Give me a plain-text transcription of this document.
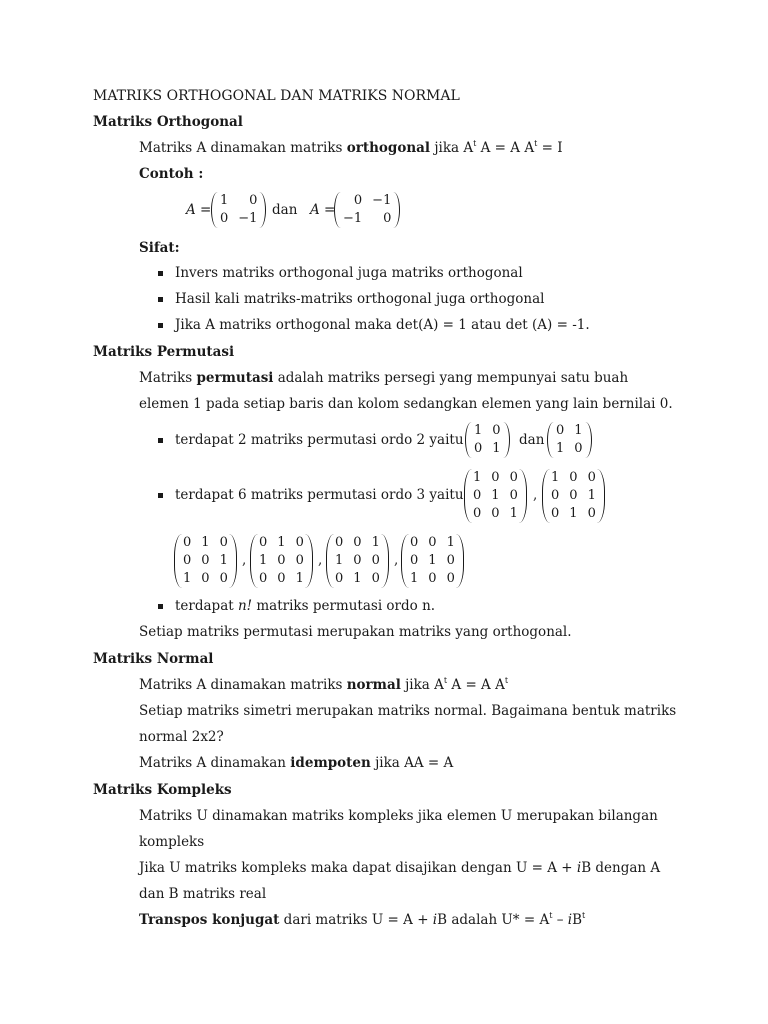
MATRIKS ORTHOGONAL DAN MATRIKS NORMAL
Matriks Orthogonal
Matriks A dinamakan matriks orthogonal jika $A^t$ A = A $A^t = I$
Contoh :
A =
1	0
0	−1
dan A =
0	−1
−1	0
Sifat:
Invers matriks orthogonal juga matriks orthogonal
Hasil kali matriks-matriks orthogonal juga orthogonal
Jika A matriks orthogonal maka det(A) = 1 atau det (A) = -1.
Matriks Permutasi
Matriks permutasi adalah matriks persegi yang mempunyai satu buah
elemen 1 pada setiap baris dan kolom sedangkan elemen yang lain bernilai 0.
terdapat 2 matriks permutasi ordo 2 yaitu
1	0
0	1
dan
0	1
1	0
terdapat 6 matriks permutasi ordo 3 yaitu
1	0	0
0	1	0
0	0	1
,
1	0	0
0	0	1
0	1	0
0	1	0
0	0	1
1	0	0
,
0	1	0
1	0	0
0	0	1
,
0	0	1
1	0	0
0	1	0
,
0	0	1
0	1	0
1	0	0
terdapat n! matriks permutasi ordo n.
Setiap matriks permutasi merupakan matriks yang orthogonal.
Matriks Normal
Matriks A dinamakan matriks normal jika $A^t$ A = A $A^t$
Setiap matriks simetri merupakan matriks normal. Bagaimana bentuk matriks
normal 2x2?
Matriks A dinamakan idempoten jika AA = A
Matriks Kompleks
Matriks U dinamakan matriks kompleks jika elemen U merupakan bilangan
kompleks
Jika U matriks kompleks maka dapat disajikan dengan U = A + iB dengan A
dan B matriks real
Transpos konjugat dari matriks U = A + iB adalah $U* = A^t - iB^t$
